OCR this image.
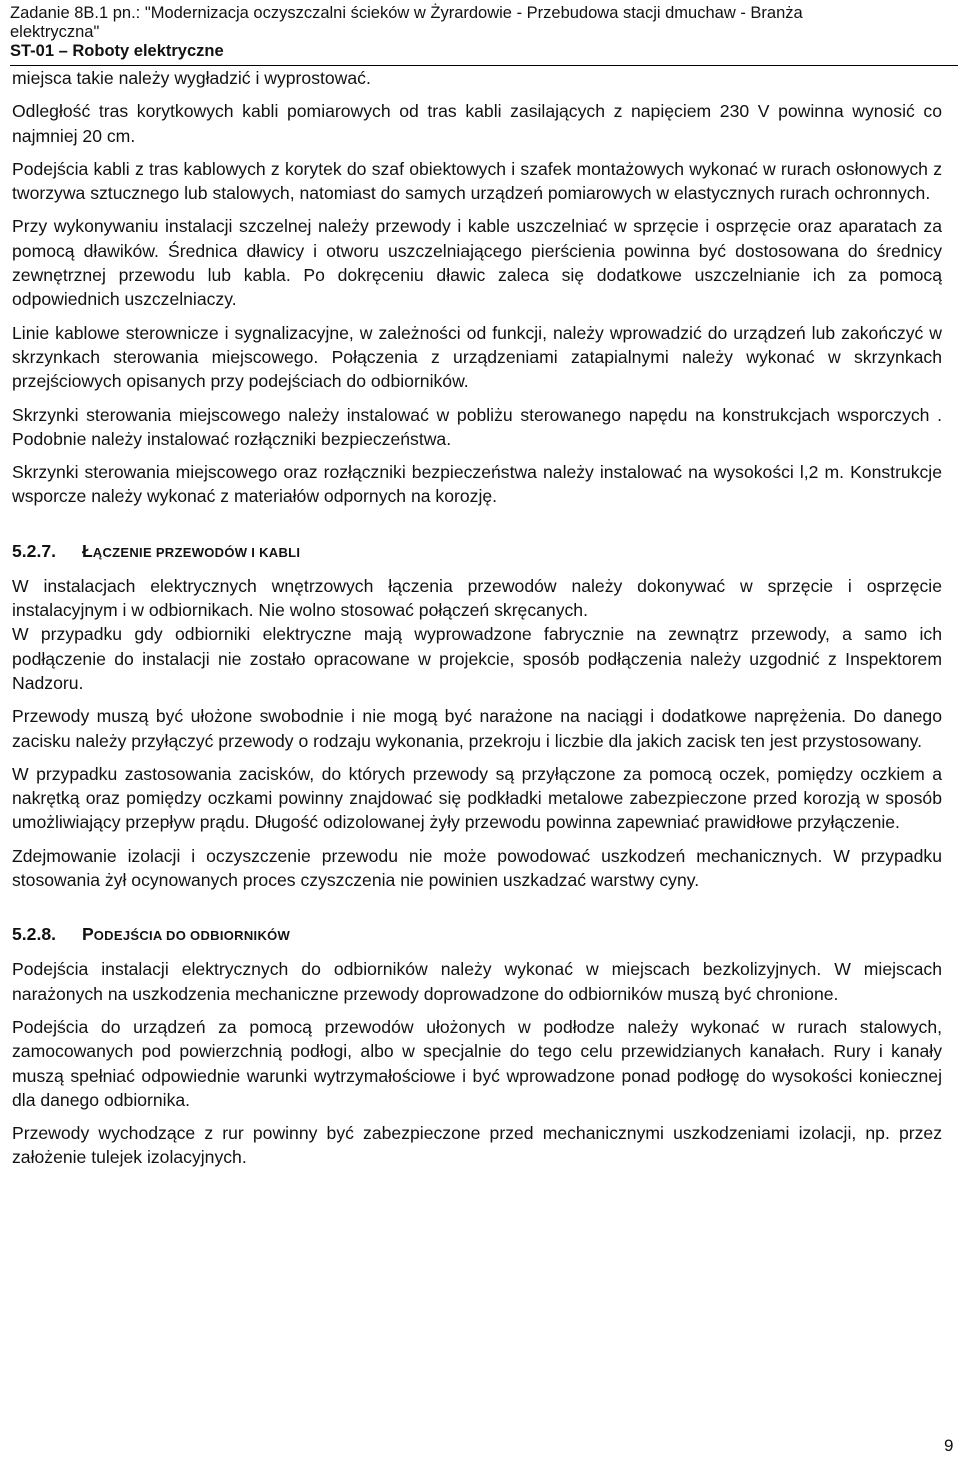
Zadanie 8B.1 pn.: "Modernizacja oczyszczalni ścieków w Żyrardowie - Przebudowa stacji dmuchaw - Branża
elektryczna"
ST-01 – Roboty elektryczne

miejsca takie należy wygładzić i wyprostować.

Odległość tras korytkowych kabli pomiarowych od tras kabli zasilających z napięciem 230 V powinna wynosić co najmniej 20 cm.

Podejścia kabli z tras kablowych z korytek do szaf obiektowych i szafek montażowych wykonać w rurach osłonowych z tworzywa sztucznego lub stalowych, natomiast do samych urządzeń pomiarowych w elastycznych rurach ochronnych.

Przy wykonywaniu instalacji szczelnej należy przewody i kable uszczelniać w sprzęcie i osprzęcie oraz aparatach za pomocą dławików. Średnica dławicy i otworu uszczelniającego pierścienia powinna być dostosowana do średnicy zewnętrznej przewodu lub kabla. Po dokręceniu dławic zaleca się dodatkowe uszczelnianie ich za pomocą odpowiednich uszczelniaczy.

Linie kablowe sterownicze i sygnalizacyjne, w zależności od funkcji, należy wprowadzić do urządzeń lub zakończyć w skrzynkach sterowania miejscowego. Połączenia z urządzeniami zatapialnymi należy wykonać w skrzynkach przejściowych opisanych przy podejściach do odbiorników.

Skrzynki sterowania miejscowego należy instalować w pobliżu sterowanego napędu na konstrukcjach wsporczych . Podobnie należy instalować rozłączniki bezpieczeństwa.

Skrzynki sterowania miejscowego oraz rozłączniki bezpieczeństwa należy instalować na wysokości l,2 m. Konstrukcje wsporcze należy wykonać z materiałów odpornych na korozję.

5.2.7. ŁĄCZENIE PRZEWODÓW I KABLI

W instalacjach elektrycznych wnętrzowych łączenia przewodów należy dokonywać w sprzęcie i osprzęcie instalacyjnym i w odbiornikach. Nie wolno stosować połączeń skręcanych.

W przypadku gdy odbiorniki elektryczne mają wyprowadzone fabrycznie na zewnątrz przewody, a samo ich podłączenie do instalacji nie zostało opracowane w projekcie, sposób podłączenia należy uzgodnić z Inspektorem Nadzoru.

Przewody muszą być ułożone swobodnie i nie mogą być narażone na naciągi i dodatkowe naprężenia. Do danego zacisku należy przyłączyć przewody o rodzaju wykonania, przekroju i liczbie dla jakich zacisk ten jest przystosowany.

W przypadku zastosowania zacisków, do których przewody są przyłączone za pomocą oczek, pomiędzy oczkiem a nakrętką oraz pomiędzy oczkami powinny znajdować się podkładki metalowe zabezpieczone przed korozją w sposób umożliwiający przepływ prądu. Długość odizolowanej żyły przewodu powinna zapewniać prawidłowe przyłączenie.

Zdejmowanie izolacji i oczyszczenie przewodu nie może powodować uszkodzeń mechanicznych. W przypadku stosowania żył ocynowanych proces czyszczenia nie powinien uszkadzać warstwy cyny.

5.2.8. PODEJŚCIA DO ODBIORNIKÓW

Podejścia instalacji elektrycznych do odbiorników należy wykonać w miejscach bezkolizyjnych. W miejscach narażonych na uszkodzenia mechaniczne przewody doprowadzone do odbiorników muszą być chronione.

Podejścia do urządzeń za pomocą przewodów ułożonych w podłodze należy wykonać w rurach stalowych, zamocowanych pod powierzchnią podłogi, albo w specjalnie do tego celu przewidzianych kanałach. Rury i kanały muszą spełniać odpowiednie warunki wytrzymałościowe i być wprowadzone ponad podłogę do wysokości koniecznej dla danego odbiornika.

Przewody wychodzące z rur powinny być zabezpieczone przed mechanicznymi uszkodzeniami izolacji, np. przez założenie tulejek izolacyjnych.

9
